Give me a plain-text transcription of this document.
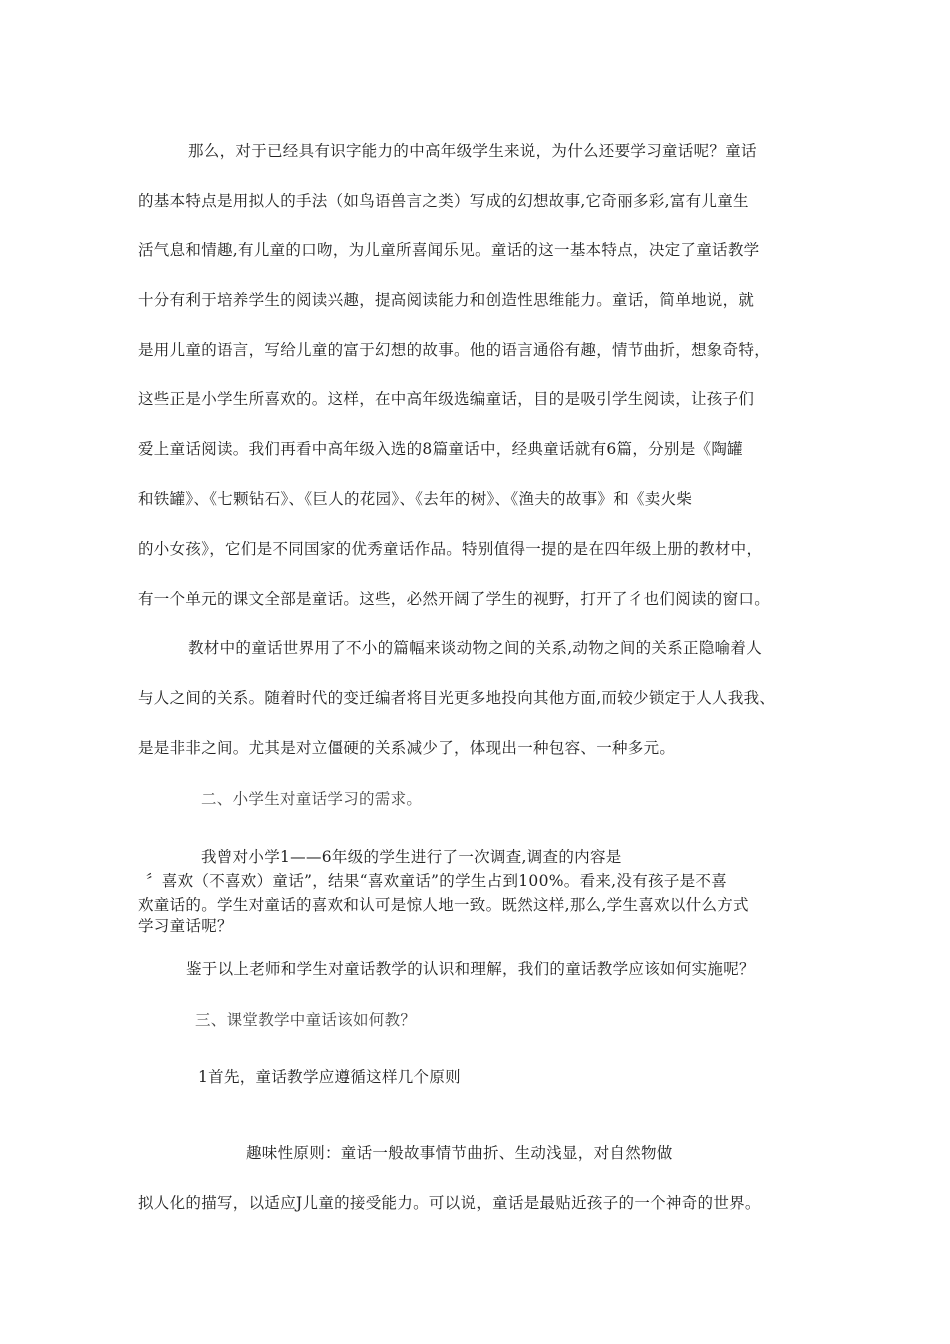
那么，对于已经具有识字能力的中高年级学生来说，为什么还要学习童话呢？童话
的基本特点是用拟人的手法（如鸟语兽言之类）写成的幻想故事,它奇丽多彩,富有儿童生
活气息和情趣,有儿童的口吻，为儿童所喜闻乐见。童话的这一基本特点，决定了童话教学
十分有利于培养学生的阅读兴趣，提高阅读能力和创造性思维能力。童话，简单地说，就
是用儿童的语言，写给儿童的富于幻想的故事。他的语言通俗有趣，情节曲折，想象奇特，
这些正是小学生所喜欢的。这样，在中高年级选编童话，目的是吸引学生阅读，让孩子们
爱上童话阅读。我们再看中高年级入选的8篇童话中，经典童话就有6篇，分别是《陶罐
和铁罐》、《七颗钻石》、《巨人的花园》、《去年的树》、《渔夫的故事》和《卖火柴
的小女孩》，它们是不同国家的优秀童话作品。特别值得一提的是在四年级上册的教材中，
有一个单元的课文全部是童话。这些，必然开阔了学生的视野，打开了彳也们阅读的窗口。
教材中的童话世界用了不小的篇幅来谈动物之间的关系,动物之间的关系正隐喻着人
与人之间的关系。随着时代的变迁编者将目光更多地投向其他方面,而较少锁定于人人我我、
是是非非之间。尤其是对立僵硬的关系减少了，体现出一种包容、一种多元。
二、小学生对童话学习的需求。
我曾对小学1——6年级的学生进行了一次调查,调查的内容是
〞喜欢（不喜欢）童话”，结果“喜欢童话”的学生占到100%。看来,没有孩子是不喜
欢童话的。学生对童话的喜欢和认可是惊人地一致。既然这样,那么,学生喜欢以什么方式
学习童话呢？
鉴于以上老师和学生对童话教学的认识和理解，我们的童话教学应该如何实施呢？
三、课堂教学中童话该如何教？
1首先，童话教学应遵循这样几个原则
趣味性原则：童话一般故事情节曲折、生动浅显，对自然物做
拟人化的描写，以适应J儿童的接受能力。可以说，童话是最贴近孩子的一个神奇的世界。
